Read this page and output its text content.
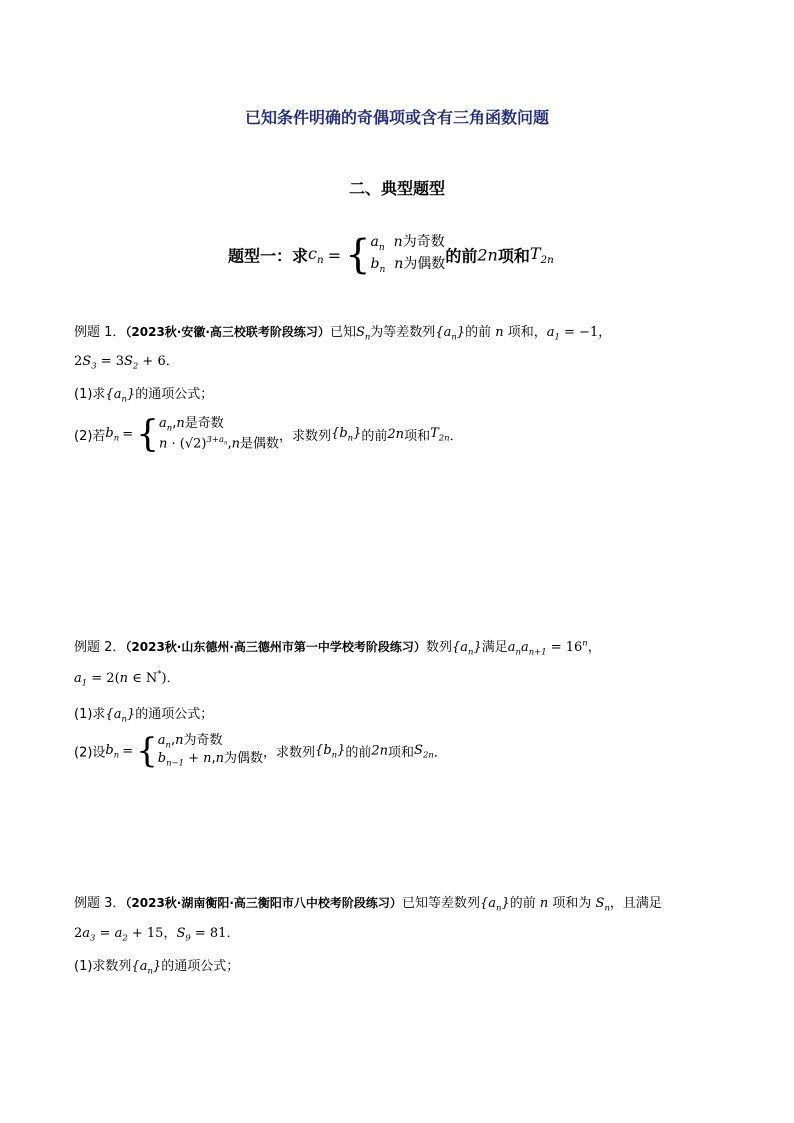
已知条件明确的奇偶项或含有三角函数问题
二、典型题型
题型一：求$c_n$ = { $a_n$ n为奇数
$b_n$ n为偶数 的前2n项和$T_{2n}$
例题 1．（2023秋·安徽·高三校联考阶段练习）已知$S_n$为等差数列$\{a_n\}$的前 n 项和，$a_1 = -1$，
$2S_3 = 3S_2 + 6$．
(1)求$\{a_n\}$的通项公式；
(2)若$b_n$ ={ $a_n,n$是奇数
$n \cdot (√2)^{3+a_n},n$是偶数 ，求数列$\{b_n\}$的前2n项和$T_{2n}$．
例题 2．（2023秋·山东德州·高三德州市第一中学校考阶段练习）数列$\{a_n\}$满足$a_na_{n+1} = 16^n$，
$a_1 = 2(n$ ∈ N*)．
(1)求$\{a_n\}$的通项公式；
(2)设$b_n$ ={ $a_n,n$为奇数
$b_{n-1} + n,n$为偶数 ，求数列$\{b_n\}$的前2n项和$S_{2n}$．
例题 3．（2023秋·湖南衡阳·高三衡阳市八中校考阶段练习）已知等差数列$\{a_n\}$的前 n 项和为 $S_n$，且满足
$2a_3 = a_2 + 15$，$S_9 = 81$．
(1)求数列$\{a_n\}$的通项公式；
